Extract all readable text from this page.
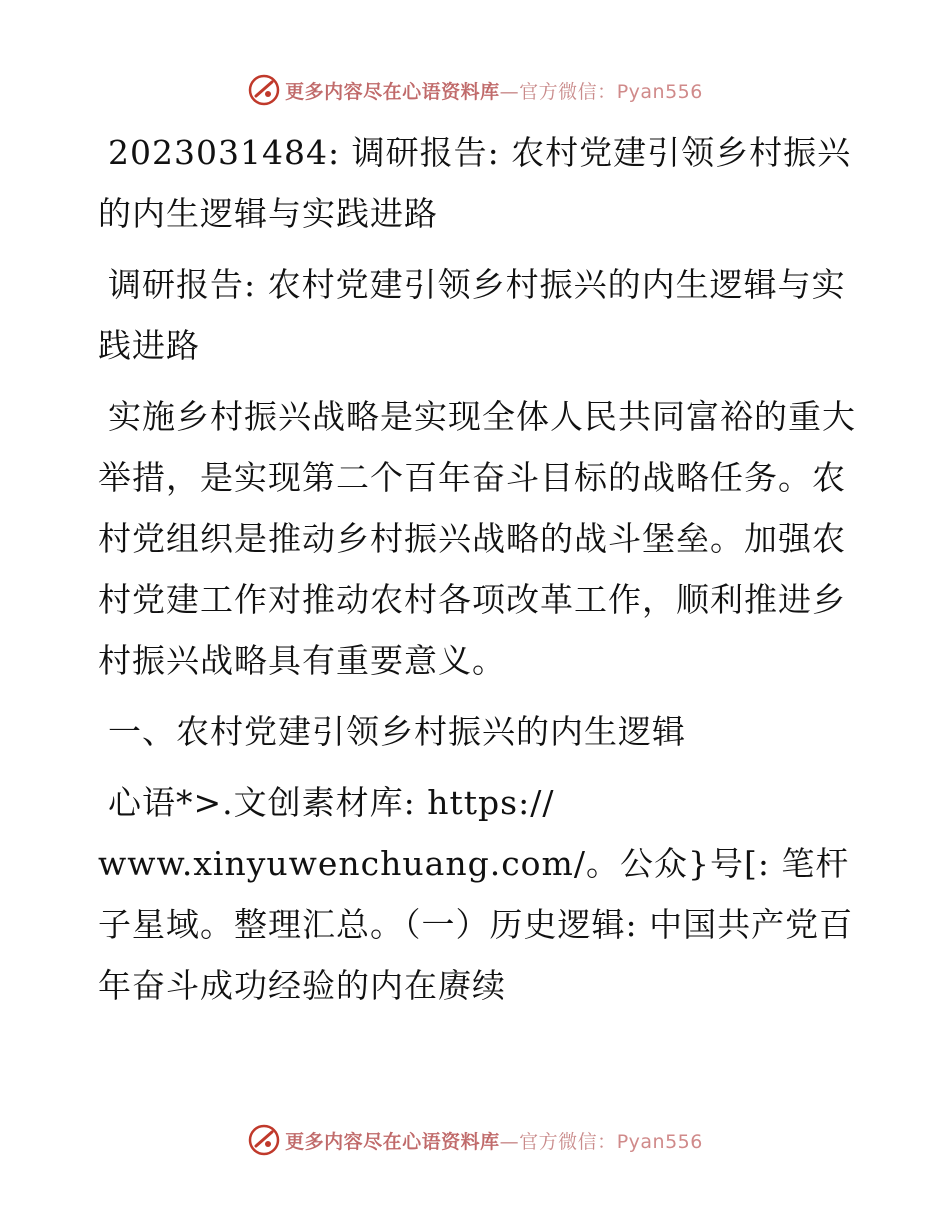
更多内容尽在心语资料库—官方微信：Pyan556

2023031484: 调研报告: 农村党建引领乡村振兴的内生逻辑与实践进路

调研报告: 农村党建引领乡村振兴的内生逻辑与实践进路

实施乡村振兴战略是实现全体人民共同富裕的重大举措，是实现第二个百年奋斗目标的战略任务。农村党组织是推动乡村振兴战略的战斗堡垒。加强农村党建工作对推动农村各项改革工作，顺利推进乡村振兴战略具有重要意义。

一、农村党建引领乡村振兴的内生逻辑

心语*>.文创素材库: https://

www.xinyuwenchuang.com/。公众}号[: 笔杆子星域。整理汇总。（一）历史逻辑: 中国共产党百年奋斗成功经验的内在赓续

更多内容尽在心语资料库—官方微信：Pyan556
